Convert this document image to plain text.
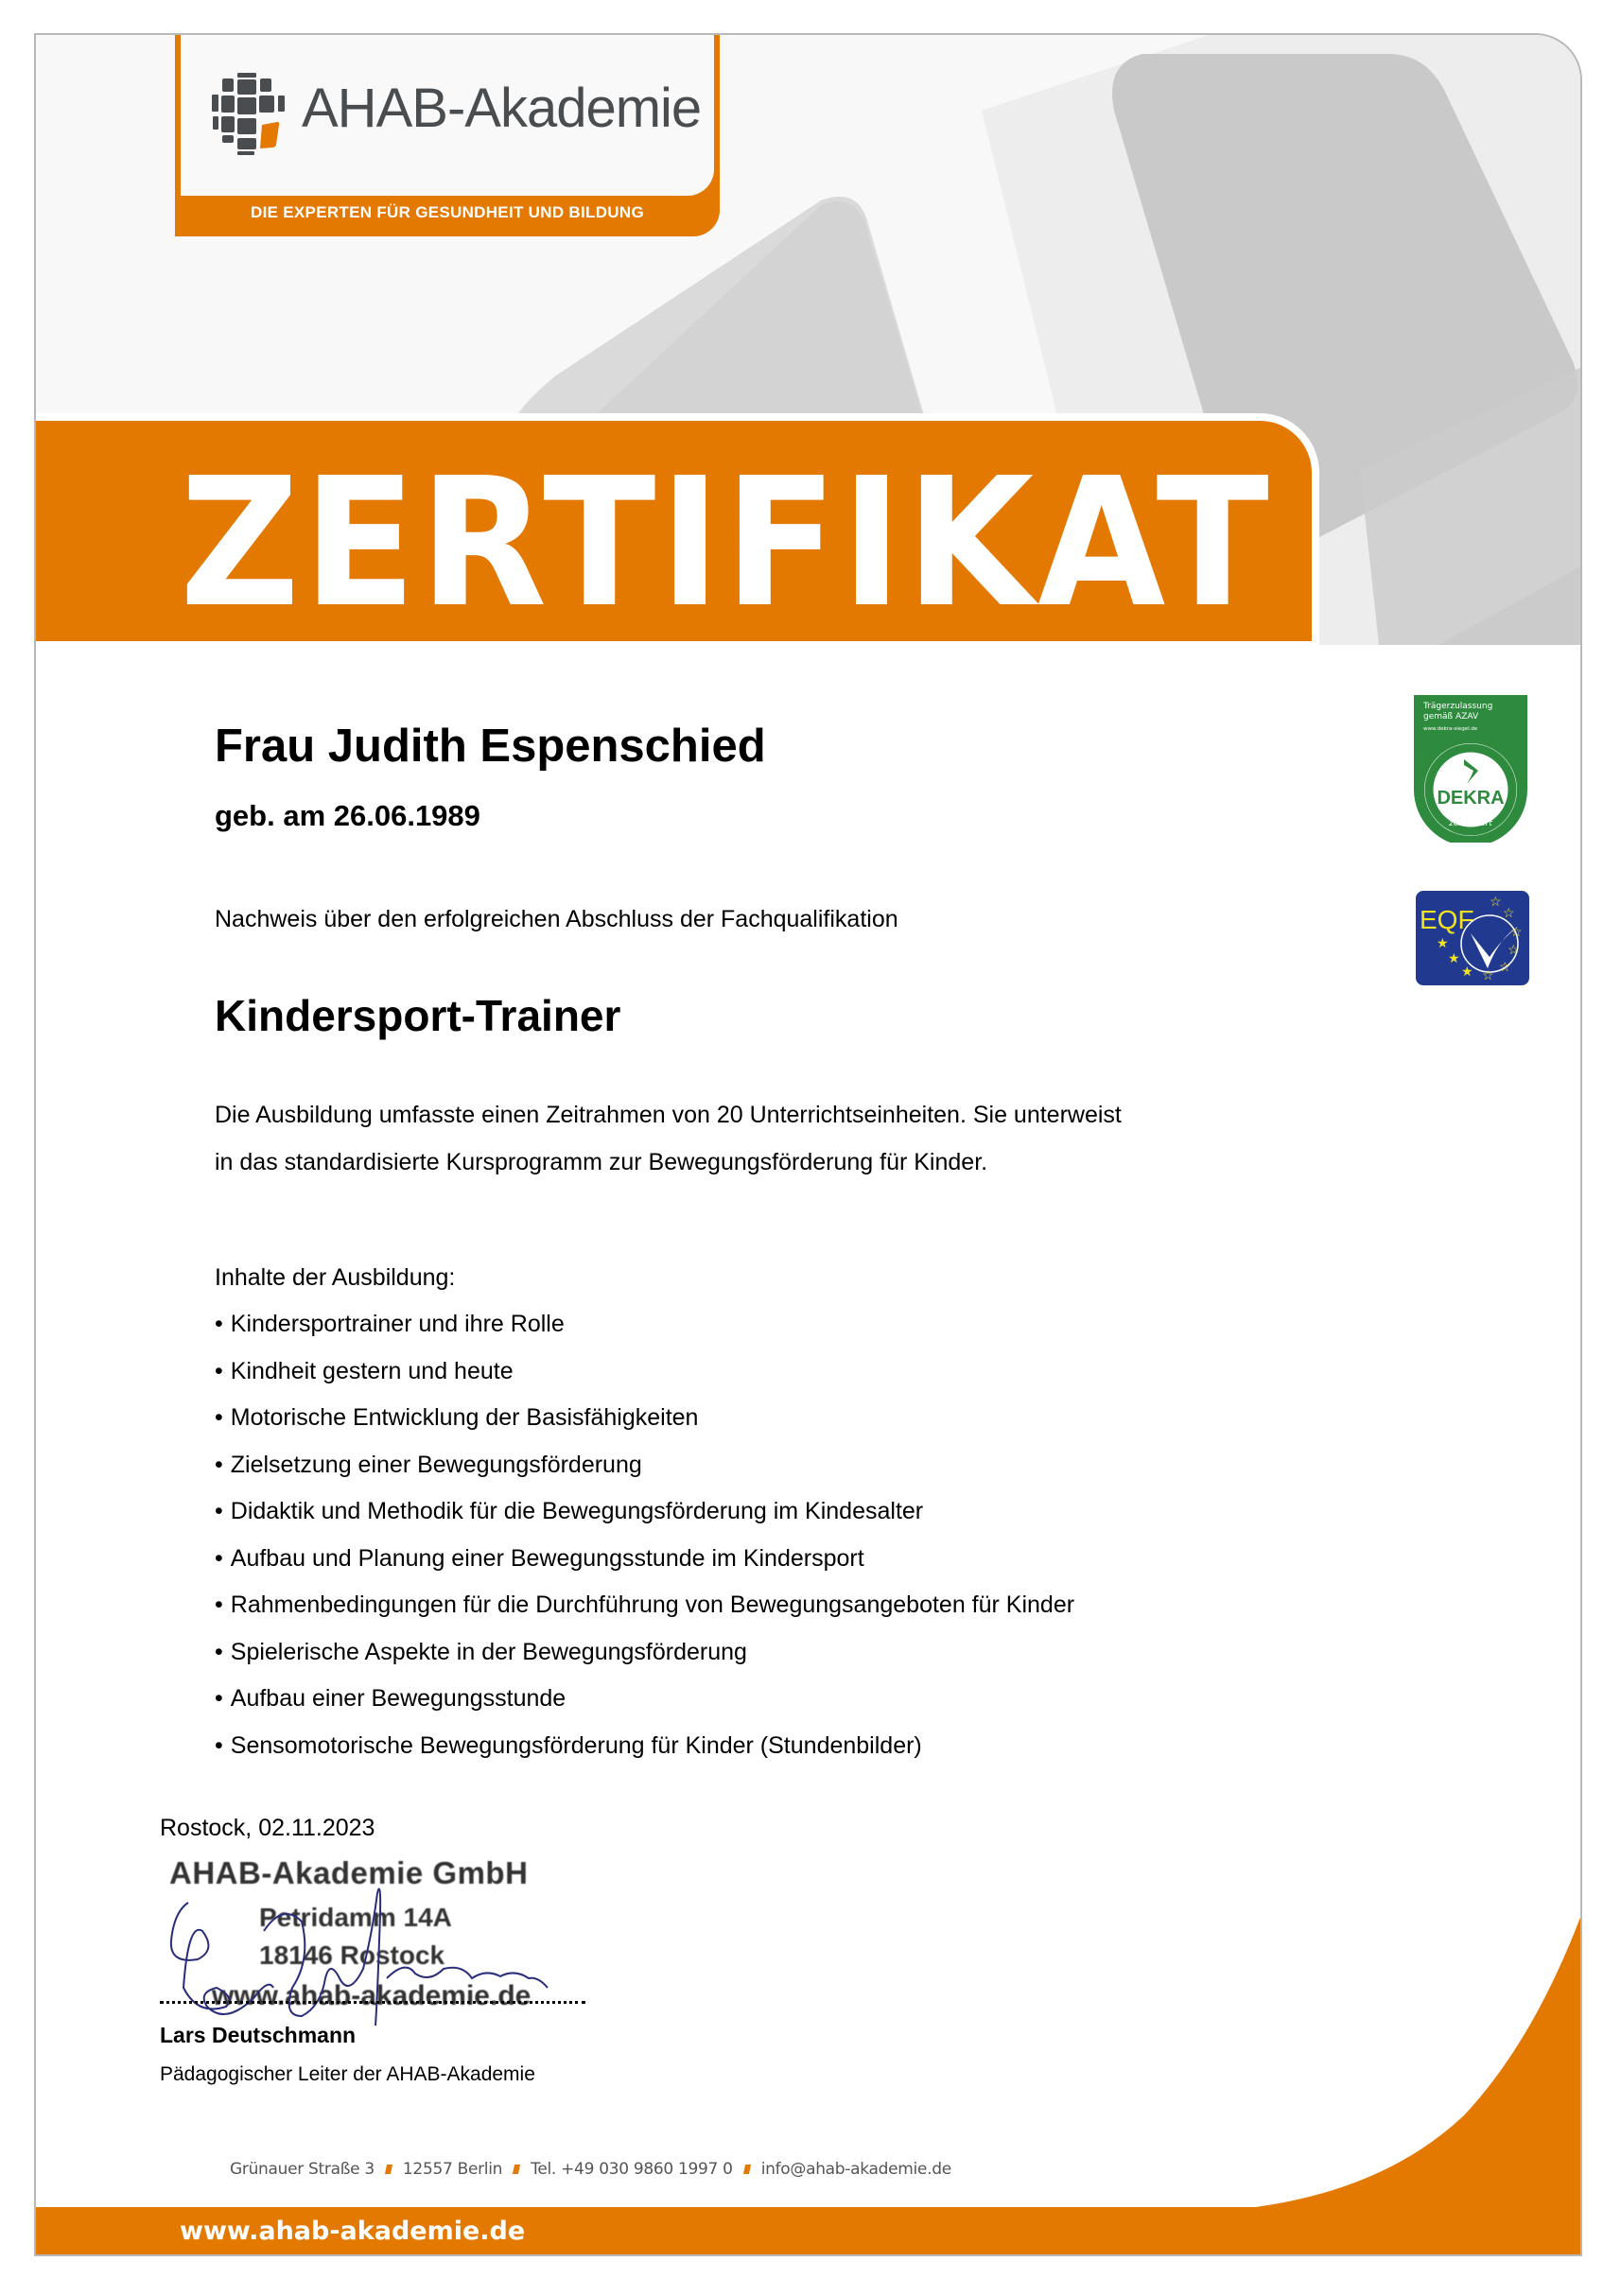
AHAB-Akademie
DIE EXPERTEN FÜR GESUNDHEIT UND BILDUNG
ZERTIFIKAT
Trägerzulassung
gemäß AZAV
www.dekra-siegel.de
DEKRA
zertifiziert
EQF
☆
☆
☆
☆
☆
☆
★
★
★
Frau Judith Espenschied
geb. am 26.06.1989
Nachweis über den erfolgreichen Abschluss der Fachqualifikation
Kindersport-Trainer
Die Ausbildung umfasste einen Zeitrahmen von 20 Unterrichtseinheiten. Sie unterweist
in das standardisierte Kursprogramm zur Bewegungsförderung für Kinder.
Inhalte der Ausbildung:
• Kindersportrainer und ihre Rolle
• Kindheit gestern und heute
• Motorische Entwicklung der Basisfähigkeiten
• Zielsetzung einer Bewegungsförderung
• Didaktik und Methodik für die Bewegungsförderung im Kindesalter
• Aufbau und Planung einer Bewegungsstunde im Kindersport
• Rahmenbedingungen für die Durchführung von Bewegungsangeboten für Kinder
• Spielerische Aspekte in der Bewegungsförderung
• Aufbau einer Bewegungsstunde
• Sensomotorische Bewegungsförderung für Kinder (Stundenbilder)
Rostock, 02.11.2023
AHAB-Akademie GmbH
Petridamm 14A
18146 Rostock
www.ahab-akademie.de
Lars Deutschmann
Pädagogischer Leiter der AHAB-Akademie
Grünauer Straße 3 12557 Berlin Tel. +49 030 9860 1997 0 info@ahab-akademie.de
www.ahab-akademie.de
